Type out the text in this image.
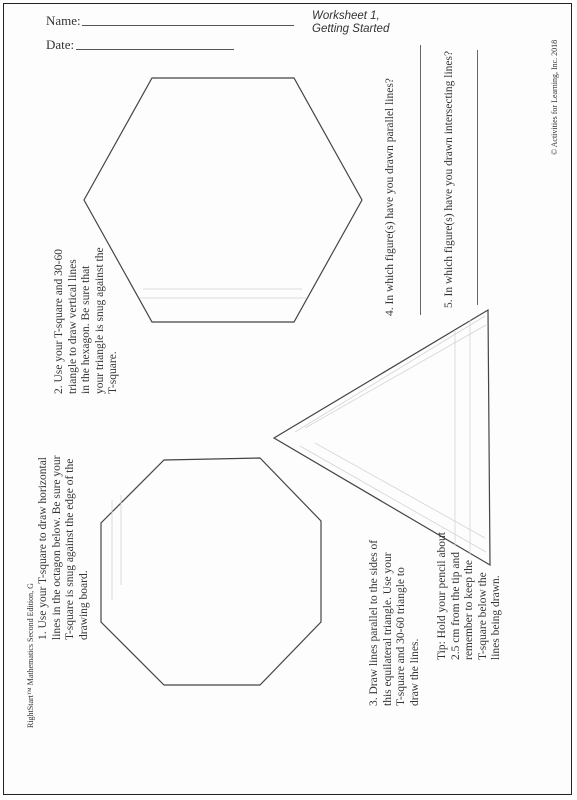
Name:
Date:
Worksheet 1,
Getting Started
1. Use your T-square to draw horizontal lines in the octagon below. Be sure your T-square is snug against the edge of the drawing board.
2. Use your T-square and 30-60 triangle to draw vertical lines in the hexagon. Be sure that your triangle is snug against the T-square.
3. Draw lines parallel to the sides of this equilateral triangle. Use your T-square and 30-60 triangle to draw the lines.
Tip: Hold your pencil about 2.5 cm from the tip and remember to keep the T-square below the lines being drawn.
4. In which figure(s) have you drawn parallel lines?	5. In which figure(s) have you drawn intersecting lines?
RightStart™ Mathematics Second Edition, G
© Activities for Learning, Inc. 2018
